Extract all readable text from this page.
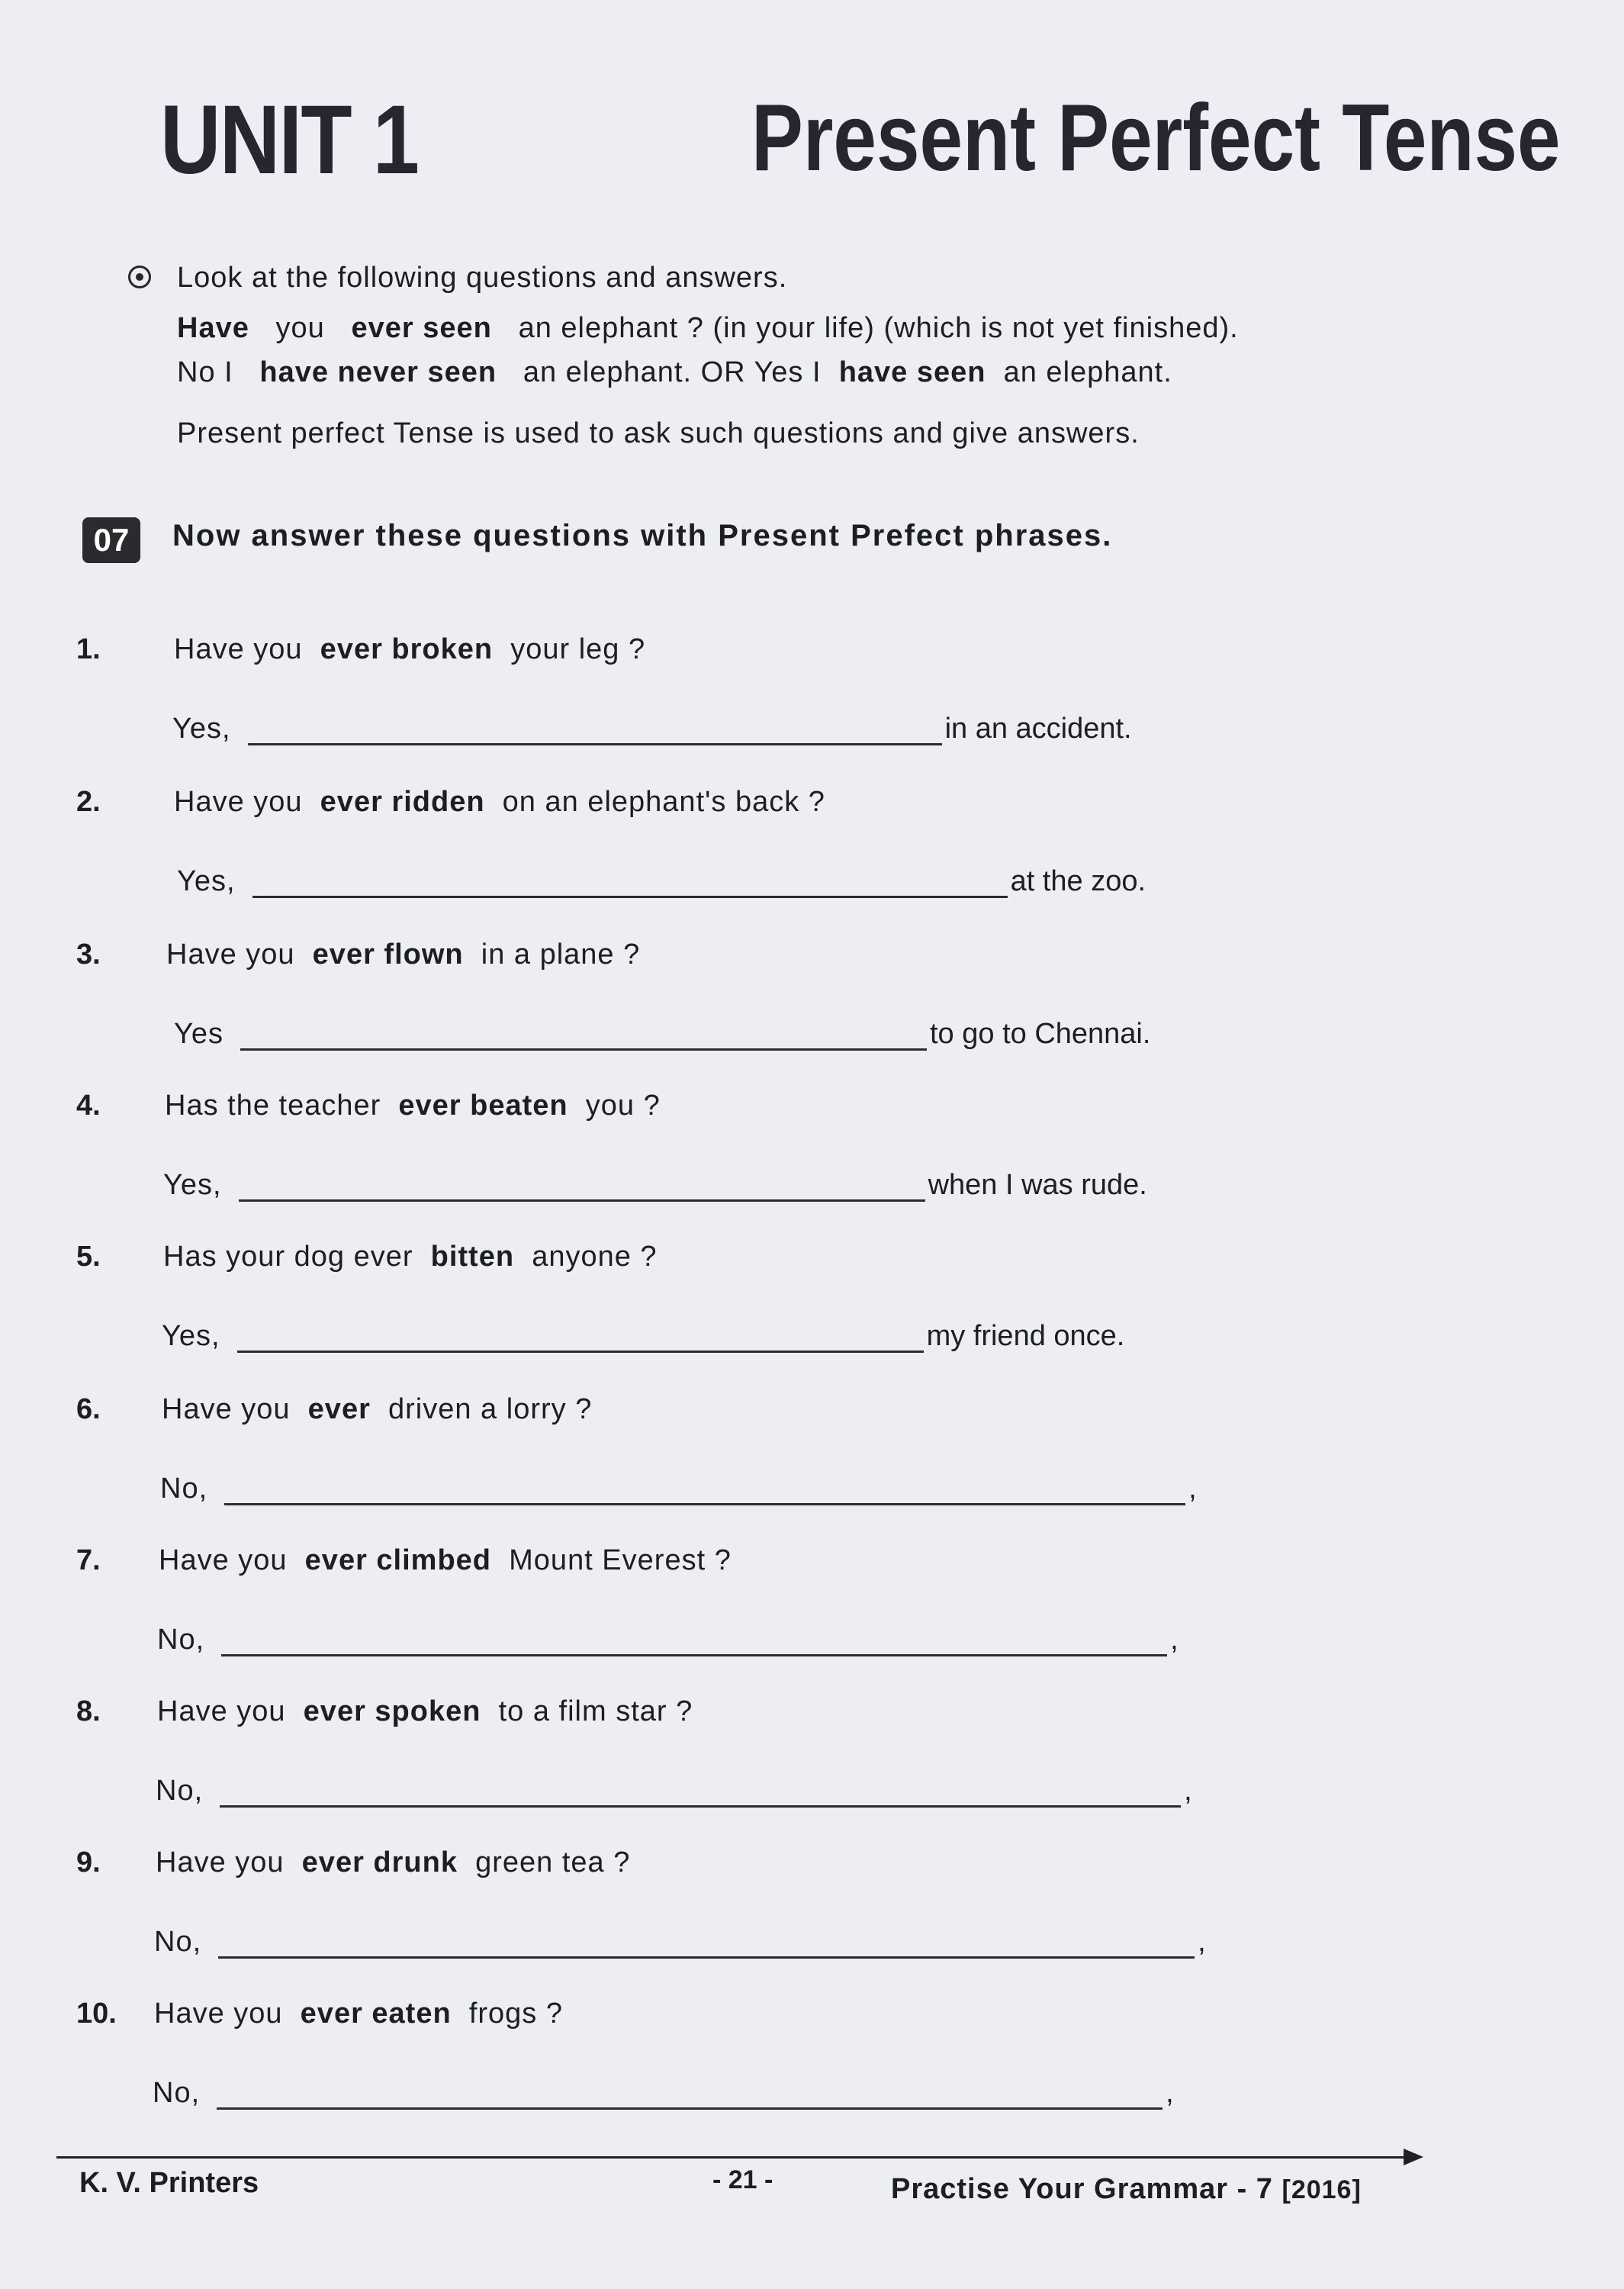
UNIT 1	Present Perfect Tense
Look at the following questions and answers.
Have you ever seen an elephant ? (in your life) (which is not yet finished).
No I have never seen an elephant. OR Yes I have seen an elephant.
Present perfect Tense is used to ask such questions and give answers.
07	Now answer these questions with Present Prefect phrases.
1.	Have you ever broken your leg ?
Yes,	in an accident.
2.	Have you ever ridden on an elephant's back ?
Yes,	at the zoo.
3. Have you ever flown in a plane ?
Yes	to go to Chennai.
4. Has the teacher ever beaten you ?
Yes,	when I was rude.
5. Has your dog ever bitten anyone ?
Yes,	my friend once.
6. Have you ever driven a lorry ?
No,	,
7. Have you ever climbed Mount Everest ?
No,	,
8. Have you ever spoken to a film star ?
No,	,
9. Have you ever drunk green tea ?
No,	,
10. Have you ever eaten frogs ?
No,	,
K. V. Printers	- 21 -	Practise Your Grammar - 7 [2016]
